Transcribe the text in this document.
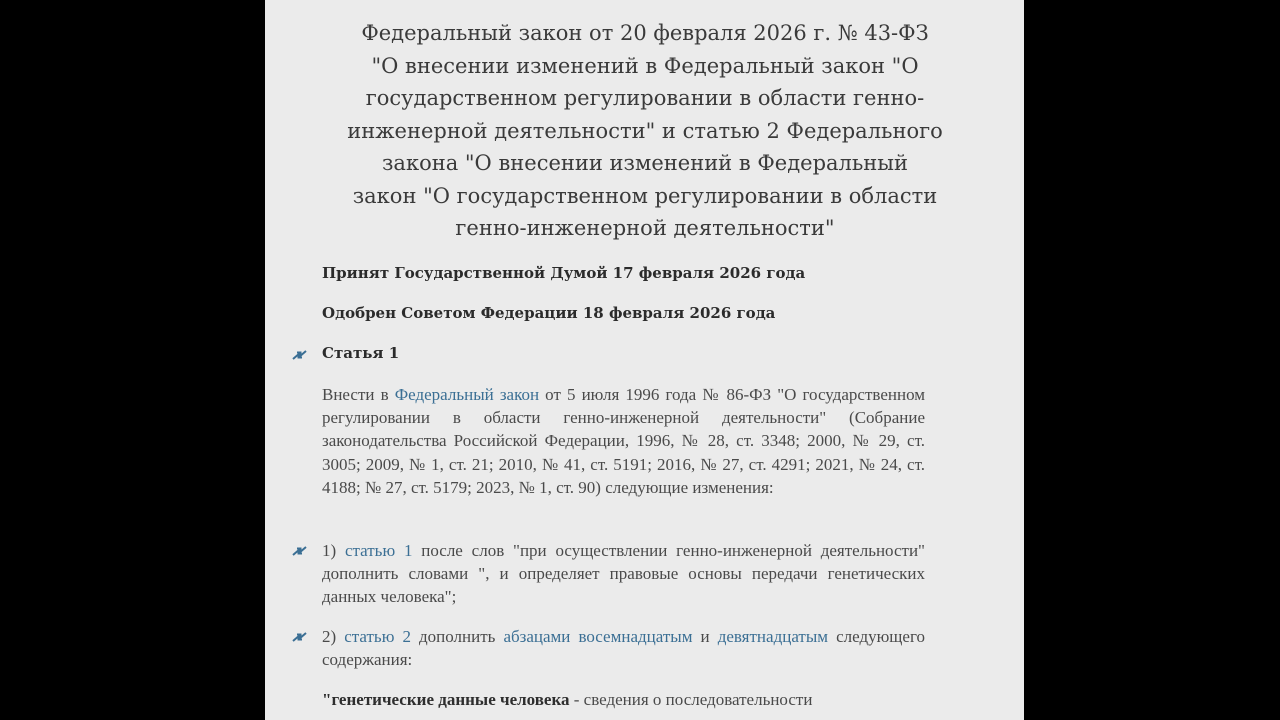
Федеральный закон от 20 февраля 2026 г. № 43-ФЗ
"О внесении изменений в Федеральный закон "О
государственном регулировании в области генно-
инженерной деятельности" и статью 2 Федерального
закона "О внесении изменений в Федеральный
закон "О государственном регулировании в области
генно-инженерной деятельности"
Принят Государственной Думой 17 февраля 2026 года
Одобрен Советом Федерации 18 февраля 2026 года
Статья 1
Внести в Федеральный закон от 5 июля 1996 года № 86-ФЗ "О государственном регулировании в области генно-инженерной деятельности" (Собрание законодательства Российской Федерации, 1996, № 28, ст. 3348; 2000, № 29, ст. 3005; 2009, № 1, ст. 21; 2010, № 41, ст. 5191; 2016, № 27, ст. 4291; 2021, № 24, ст. 4188; № 27, ст. 5179; 2023, № 1, ст. 90) следующие изменения:
1) статью 1 после слов "при осуществлении генно-инженерной деятельности" дополнить словами ", и определяет правовые основы передачи генетических данных человека";
2) статью 2 дополнить абзацами восемнадцатым и девятнадцатым следующего содержания:
"генетические данные человека - сведения о последовательности
